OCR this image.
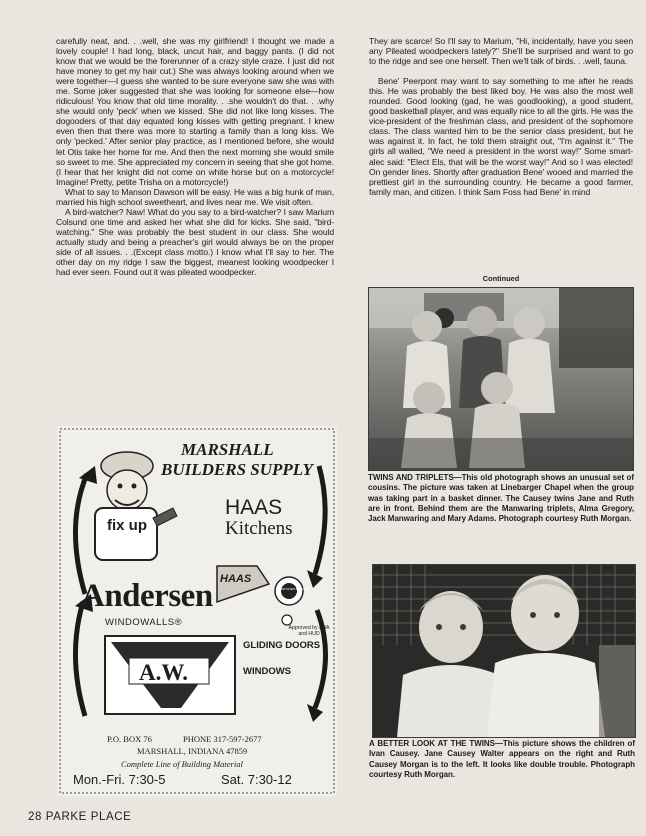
carefully neat, and. . .well, she was my girlfriend! I thought we made a lovely couple! I had long, black, uncut hair, and baggy pants. (I did not know that we would be the forerunner of a crazy style craze. I just did not have money to get my hair cut.) She was always looking around when we were together—I guess she wanted to be sure everyone saw she was with me. Some joker suggested that she was looking for someone else—how ridiculous! You know that old time morality. . .she wouldn't do that. . .why she would only 'peck' when we kissed. She did not like long kisses. The dogooders of that day equated long kisses with getting pregnant. I knew even then that there was more to starting a family than a long kiss. We only 'pecked.' After senior play practice, as I mentioned before, she would let Otis take her home for me. And then the next morning she would smile so sweet to me. She appreciated my concern in seeing that she got home. (I hear that her knight did not come on white horse but on a motorcycle! Imagine! Pretty, petite Trisha on a motorcycle!)

What to say to Manson Dawson will be easy. He was a big hunk of man, married his high school sweetheart, and lives near me. We visit often.

A bird-watcher? Naw! What do you say to a bird-watcher? I saw Marium Colsund one time and asked her what she did for kicks. She said, "bird-watching." She was probably the best student in our class. She would actually study and being a preacher's girl would always be on the proper side of all issues. . .(Except class motto.) I know what I'll say to her. The other day on my ridge I saw the biggest, meanest looking woodpecker I had ever seen. Found out it was pileated woodpecker.

They are scarce! So I'll say to Marium, "Hi, incidentally, have you seen any Pileated woodpeckers lately?" She'll be surprised and want to go to the ridge and see one herself. Then we'll talk of birds. . .well, fauna.

Bene' Peerpont may want to say something to me after he reads this. He was probably the best liked boy. He was also the most well rounded. Good looking (gad, he was goodlooking), a good student, good basketball player, and was equally nice to all the girls. He was the vice-president of the freshman class, and president of the sophomore class. The class wanted him to be the senior class president, but he was against it. In fact, he told them straight out, "I'm against it." The girls all wailed, "We need a president in the worst way!" Some smart-alec said: "Elect Els, that will be the worst way!" And so I was elected! On gender lines. Shortly after graduation Bene' wooed and married the prettiest girl in the surrounding country. He became a good farmer, family man, and citizen. I think Sam Foss had Bene' in mind

Continued
TWINS AND TRIPLETS—This old photograph shows an unusual set of cousins. The picture was taken at Linebarger Chapel when the group was taking part in a basket dinner. The Causey twins Jane and Ruth are in front. Behind them are the Manwaring triplets, Alma Gregory, Jack Manwaring and Mary Adams. Photograph courtesy Ruth Morgan.
A BETTER LOOK AT THE TWINS—This picture shows the children of Ivan Causey. Jane Causey Walter appears on the right and Ruth Causey Morgan is to the left. It looks like double trouble. Photograph courtesy Ruth Morgan.
MARSHALL
BUILDERS SUPPLY
fix up
HAAS
Kitchens
HAAS
Andersen
WINDOWALLS®
CERTIFIED BUILDER
Approved by FHA and HUD
A.W.
GLIDING DOORS
WINDOWS
P.O. BOX 76	PHONE 317-597-2677
MARSHALL, INDIANA 47859
Complete Line of Building Material
Mon.-Fri. 7:30-5	Sat. 7:30-12
28 PARKE PLACE
